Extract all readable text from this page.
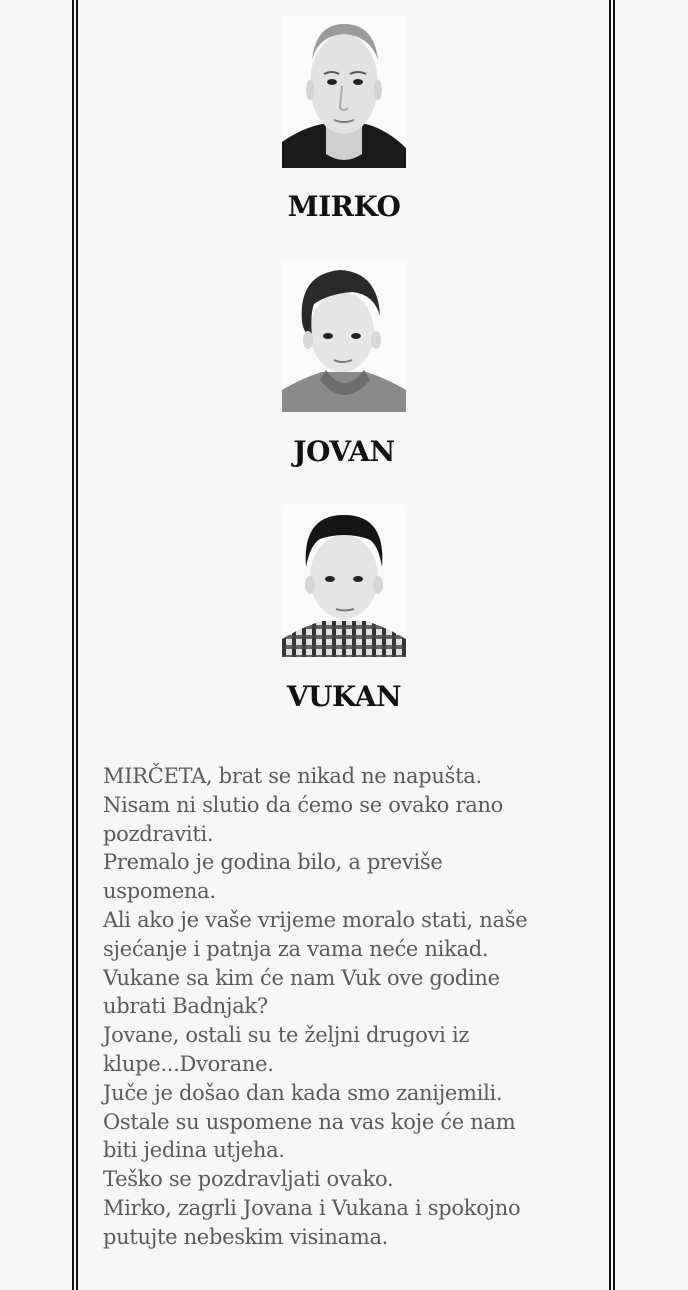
MIRKO
JOVAN
VUKAN
MIRČETA, brat se nikad ne napušta.
Nisam ni slutio da ćemo se ovako rano
pozdraviti.
Premalo je godina bilo, a previše
uspomena.
Ali ako je vaše vrijeme moralo stati, naše
sjećanje i patnja za vama neće nikad.
Vukane sa kim će nam Vuk ove godine
ubrati Badnjak?
Jovane, ostali su te željni drugovi iz
klupe...Dvorane.
Juče je došao dan kada smo zanijemili.
Ostale su uspomene na vas koje će nam
biti jedina utjeha.
Teško se pozdravljati ovako.
Mirko, zagrli Jovana i Vukana i spokojno
putujte nebeskim visinama.
